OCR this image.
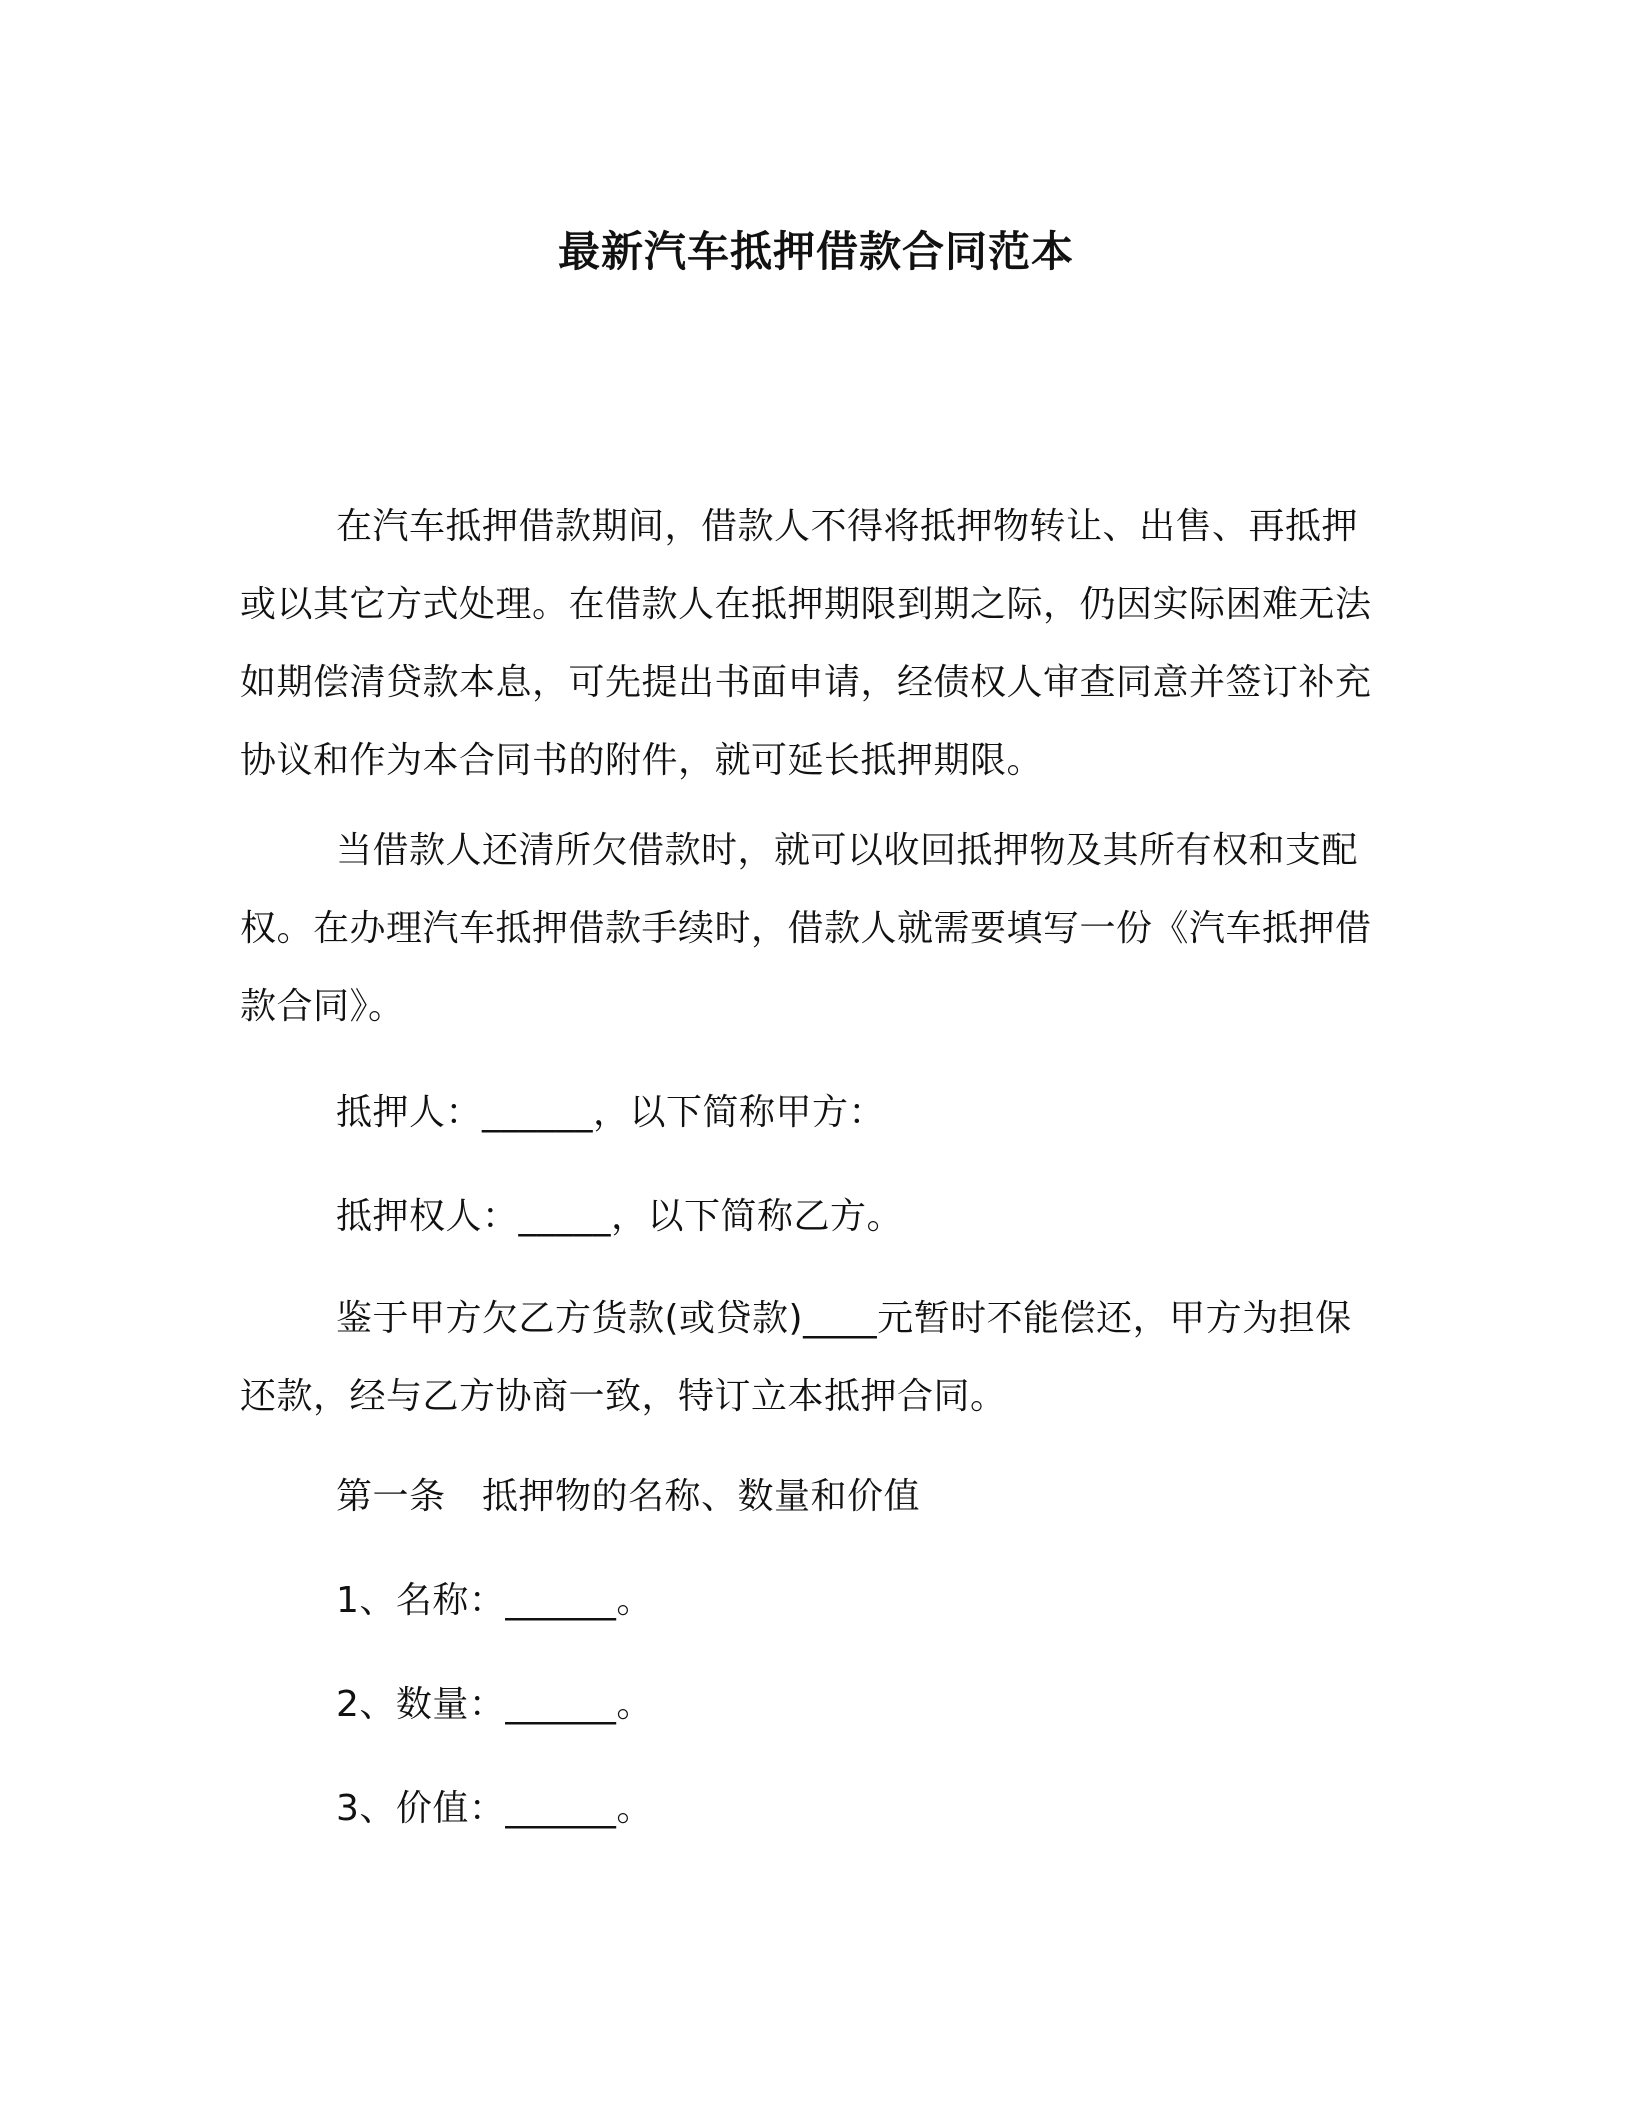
最新汽车抵押借款合同范本

在汽车抵押借款期间，借款人不得将抵押物转让、出售、再抵押或以其它方式处理。在借款人在抵押期限到期之际，仍因实际困难无法如期偿清贷款本息，可先提出书面申请，经债权人审查同意并签订补充协议和作为本合同书的附件，就可延长抵押期限。

当借款人还清所欠借款时，就可以收回抵押物及其所有权和支配权。在办理汽车抵押借款手续时，借款人就需要填写一份《汽车抵押借款合同》。

抵押人：______，以下简称甲方：
抵押权人：_____，以下简称乙方。

鉴于甲方欠乙方货款(或贷款)____元暂时不能偿还，甲方为担保还款，经与乙方协商一致，特订立本抵押合同。

第一条　抵押物的名称、数量和价值
1、名称：______。
2、数量：______。
3、价值：______。
